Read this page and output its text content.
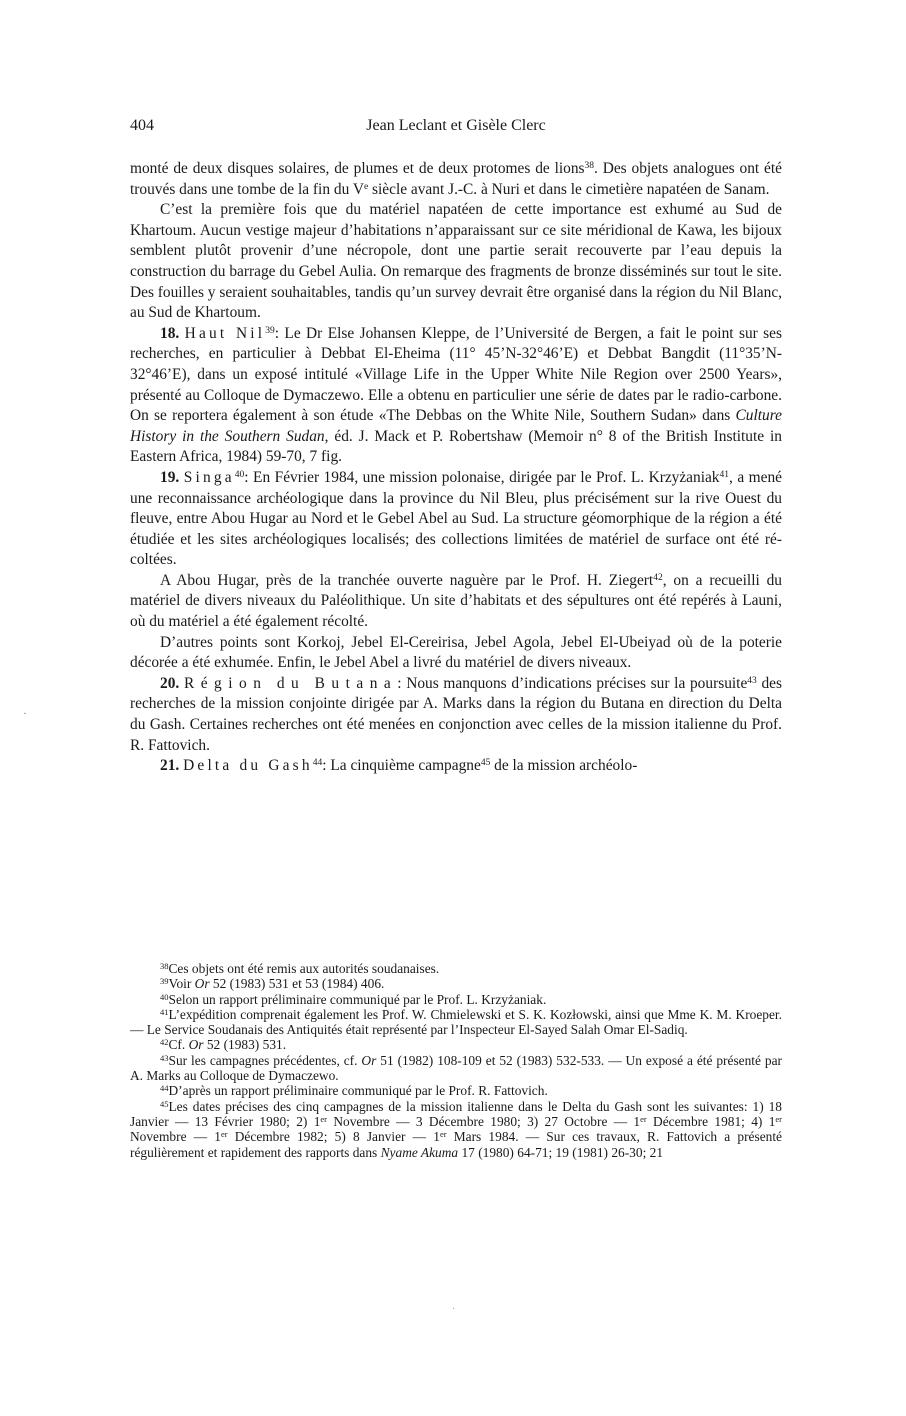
404	Jean Leclant et Gisèle Clerc

monté de deux disques solaires, de plumes et de deux protomes de lions$^{38}$. Des objets analogues ont été trouvés dans une tombe de la fin du Ve siècle avant J.-C. à Nuri et dans le cimetière napatéen de Sanam.

C’est la première fois que du matériel napatéen de cette importance est exhumé au Sud de Khartoum. Aucun vestige majeur d’habitations n’apparaissant sur ce site méridional de Kawa, les bijoux semblent plutôt provenir d’une nécropole, dont une partie serait recouverte par l’eau depuis la construction du barrage du Gebel Aulia. On remarque des fragments de bronze disséminés sur tout le site. Des fouilles y seraient souhaitables, tandis qu’un survey devrait être organisé dans la région du Nil Blanc, au Sud de Khartoum.

18. Haut Nil$^{39}$: Le Dr Else Johansen Kleppe, de l’Université de Bergen, a fait le point sur ses recherches, en particulier à Debbat El-Eheima (11° 45’N-32°46’E) et Debbat Bangdit (11°35’N-32°46’E), dans un exposé intitulé «Village Life in the Upper White Nile Region over 2500 Years», présenté au Colloque de Dymaczewo. Elle a obtenu en particulier une série de dates par le radio-carbone. On se reportera également à son étude «The Debbas on the White Nile, Southern Sudan» dans Culture History in the Southern Sudan, éd. J. Mack et P. Robertshaw (Memoir n° 8 of the British Institute in Eastern Africa, 1984) 59-70, 7 fig.

19. Singa$^{40}$: En Février 1984, une mission polonaise, dirigée par le Prof. L. Krzyżaniak$^{41}$, a mené une reconnaissance archéologique dans la province du Nil Bleu, plus précisément sur la rive Ouest du fleuve, entre Abou Hugar au Nord et le Gebel Abel au Sud. La structure géomorphique de la région a été étudiée et les sites archéologiques localisés; des collections limitées de matériel de surface ont été ré-coltées.

A Abou Hugar, près de la tranchée ouverte naguère par le Prof. H. Ziegert$^{42}$, on a recueilli du matériel de divers niveaux du Paléolithique. Un site d’habitats et des sépultures ont été repérés à Launi, où du matériel a été également récolté.

D’autres points sont Korkoj, Jebel El-Cereirisa, Jebel Agola, Jebel El-Ubeiyad où de la poterie décorée a été exhumée. Enfin, le Jebel Abel a livré du matériel de divers niveaux.

20. Région du Butana: Nous manquons d’indications précises sur la poursuite$^{43}$ des recherches de la mission conjointe dirigée par A. Marks dans la région du Butana en direction du Delta du Gash. Certaines recherches ont été menées en conjonction avec celles de la mission italienne du Prof. R. Fattovich.

21. Delta du Gash$^{44}$: La cinquième campagne$^{45}$ de la mission archéolo-

$^{38}$Ces objets ont été remis aux autorités soudanaises.

$^{39}$Voir Or 52 (1983) 531 et 53 (1984) 406.

$^{40}$Selon un rapport préliminaire communiqué par le Prof. L. Krzyżaniak.

$^{41}$L’expédition comprenait également les Prof. W. Chmielewski et S. K. Kozłowski, ainsi que Mme K. M. Kroeper. — Le Service Soudanais des Antiquités était représenté par l’Inspecteur El-Sayed Salah Omar El-Sadiq.

$^{42}$Cf. Or 52 (1983) 531.

$^{43}$Sur les campagnes précédentes, cf. Or 51 (1982) 108-109 et 52 (1983) 532-533. — Un exposé a été présenté par A. Marks au Colloque de Dymaczewo.

$^{44}$D’après un rapport préliminaire communiqué par le Prof. R. Fattovich.

$^{45}$Les dates précises des cinq campagnes de la mission italienne dans le Delta du Gash sont les suivantes: 1) 18 Janvier — 13 Février 1980; 2) 1er Novembre — 3 Décembre 1980; 3) 27 Octobre — 1er Décembre 1981; 4) 1er Novembre — 1er Décembre 1982; 5) 8 Janvier — 1er Mars 1984. — Sur ces travaux, R. Fattovich a présenté régulièrement et rapidement des rapports dans Nyame Akuma 17 (1980) 64-71; 19 (1981) 26-30; 21

·
·
